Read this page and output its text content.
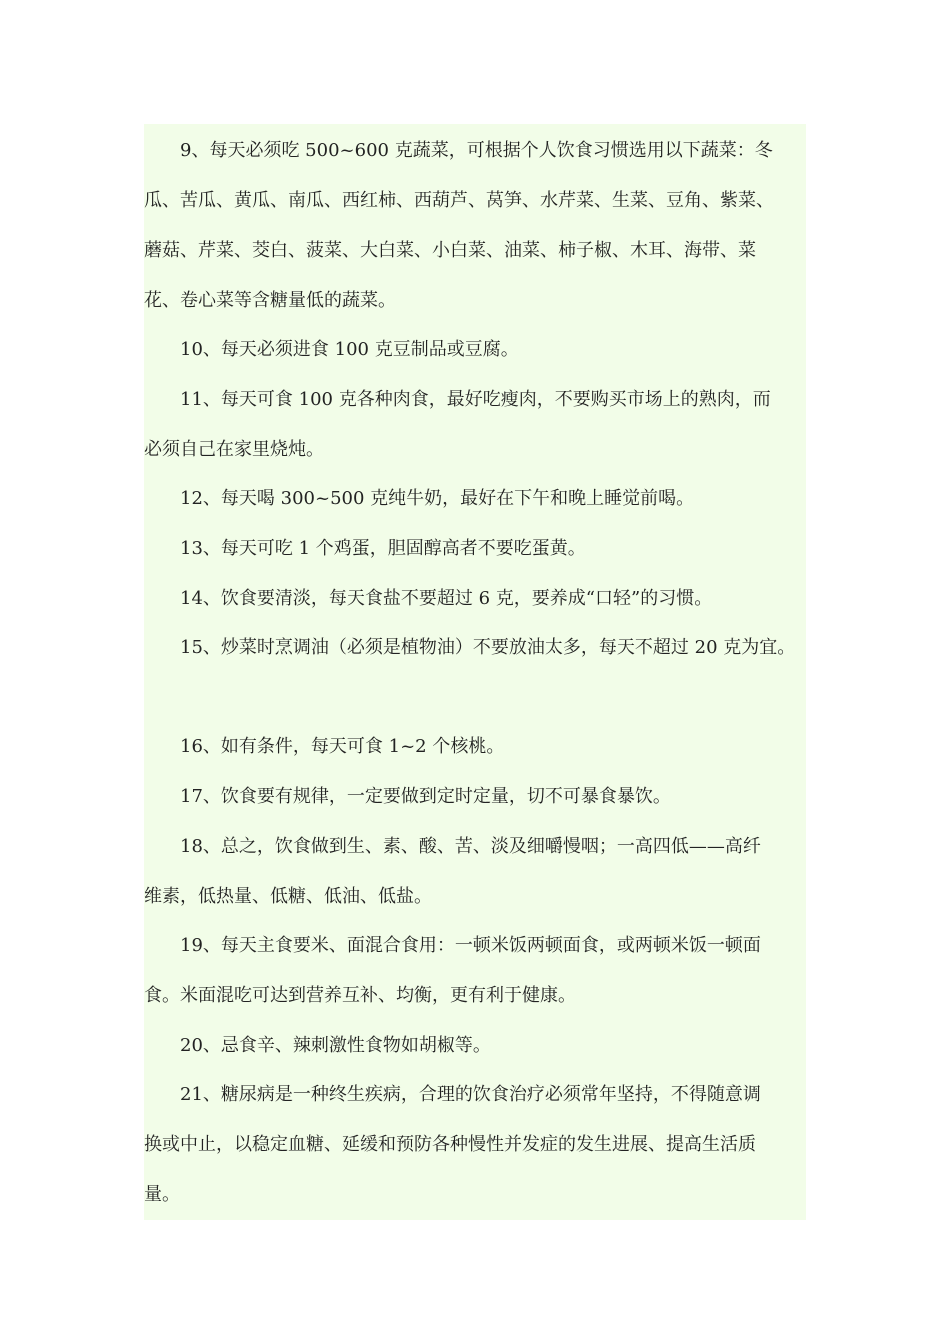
9、每天必须吃 500~600 克蔬菜，可根据个人饮食习惯选用以下蔬菜：冬
瓜、苦瓜、黄瓜、南瓜、西红柿、西葫芦、莴笋、水芹菜、生菜、豆角、紫菜、
蘑菇、芹菜、茭白、菠菜、大白菜、小白菜、油菜、柿子椒、木耳、海带、菜
花、卷心菜等含糖量低的蔬菜。
10、每天必须进食 100 克豆制品或豆腐。
11、每天可食 100 克各种肉食，最好吃瘦肉，不要购买市场上的熟肉，而
必须自己在家里烧炖。
12、每天喝 300~500 克纯牛奶，最好在下午和晚上睡觉前喝。
13、每天可吃 1 个鸡蛋，胆固醇高者不要吃蛋黄。
14、饮食要清淡，每天食盐不要超过 6 克，要养成“口轻”的习惯。
15、炒菜时烹调油（必须是植物油）不要放油太多，每天不超过 20 克为宜。
16、如有条件，每天可食 1~2 个核桃。
17、饮食要有规律，一定要做到定时定量，切不可暴食暴饮。
18、总之，饮食做到生、素、酸、苦、淡及细嚼慢咽；一高四低——高纤
维素，低热量、低糖、低油、低盐。
19、每天主食要米、面混合食用：一顿米饭两顿面食，或两顿米饭一顿面
食。米面混吃可达到营养互补、均衡，更有利于健康。
20、忌食辛、辣刺激性食物如胡椒等。
21、糖尿病是一种终生疾病，合理的饮食治疗必须常年坚持，不得随意调
换或中止，以稳定血糖、延缓和预防各种慢性并发症的发生进展、提高生活质
量。
